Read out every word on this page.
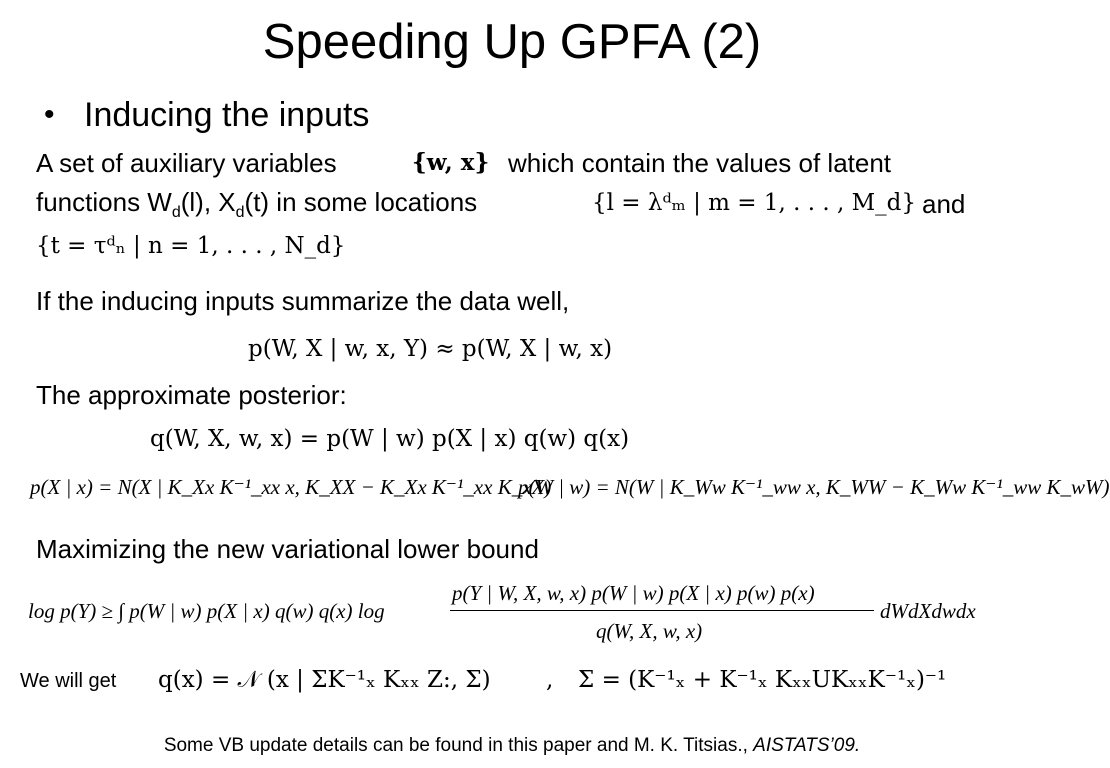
Speeding Up GPFA (2)
• Inducing the inputs
A set of auxiliary variables	{w, x} which contain the values of latent
functions $W_d(l)$, $X_d(t)$ in some locations	{l = λᵈₘ | m = 1, . . . , M_d} and
{t = τᵈₙ | n = 1, . . . , N_d}
If the inducing inputs summarize the data well,
p(W, X | w, x, Y) ≈ p(W, X | w, x)
The approximate posterior:
q(W, X, w, x) = p(W | w) p(X | x) q(w) q(x)
p(X | x) = N(X | K_Xx K⁻¹_xx x, K_XX − K_Xx K⁻¹_xx K_xX)
p(W | w) = N(W | K_Ww K⁻¹_ww x, K_WW − K_Ww K⁻¹_ww K_wW)
Maximizing the new variational lower bound
log p(Y) ≥ ∫ p(W | w) p(X | x) q(w) q(x) log
p(Y | W, X, w, x) p(W | w) p(X | x) p(w) p(x)
q(W, X, w, x)
dWdXdwdx
We will get q(x) = 𝒩 (x | ΣK⁻¹ₓ Kₓₓ Z:, Σ) , Σ = (K⁻¹ₓ + K⁻¹ₓ KₓₓUKₓₓK⁻¹ₓ)⁻¹
Some VB update details can be found in this paper and M. K. Titsias., AISTATS’09.
